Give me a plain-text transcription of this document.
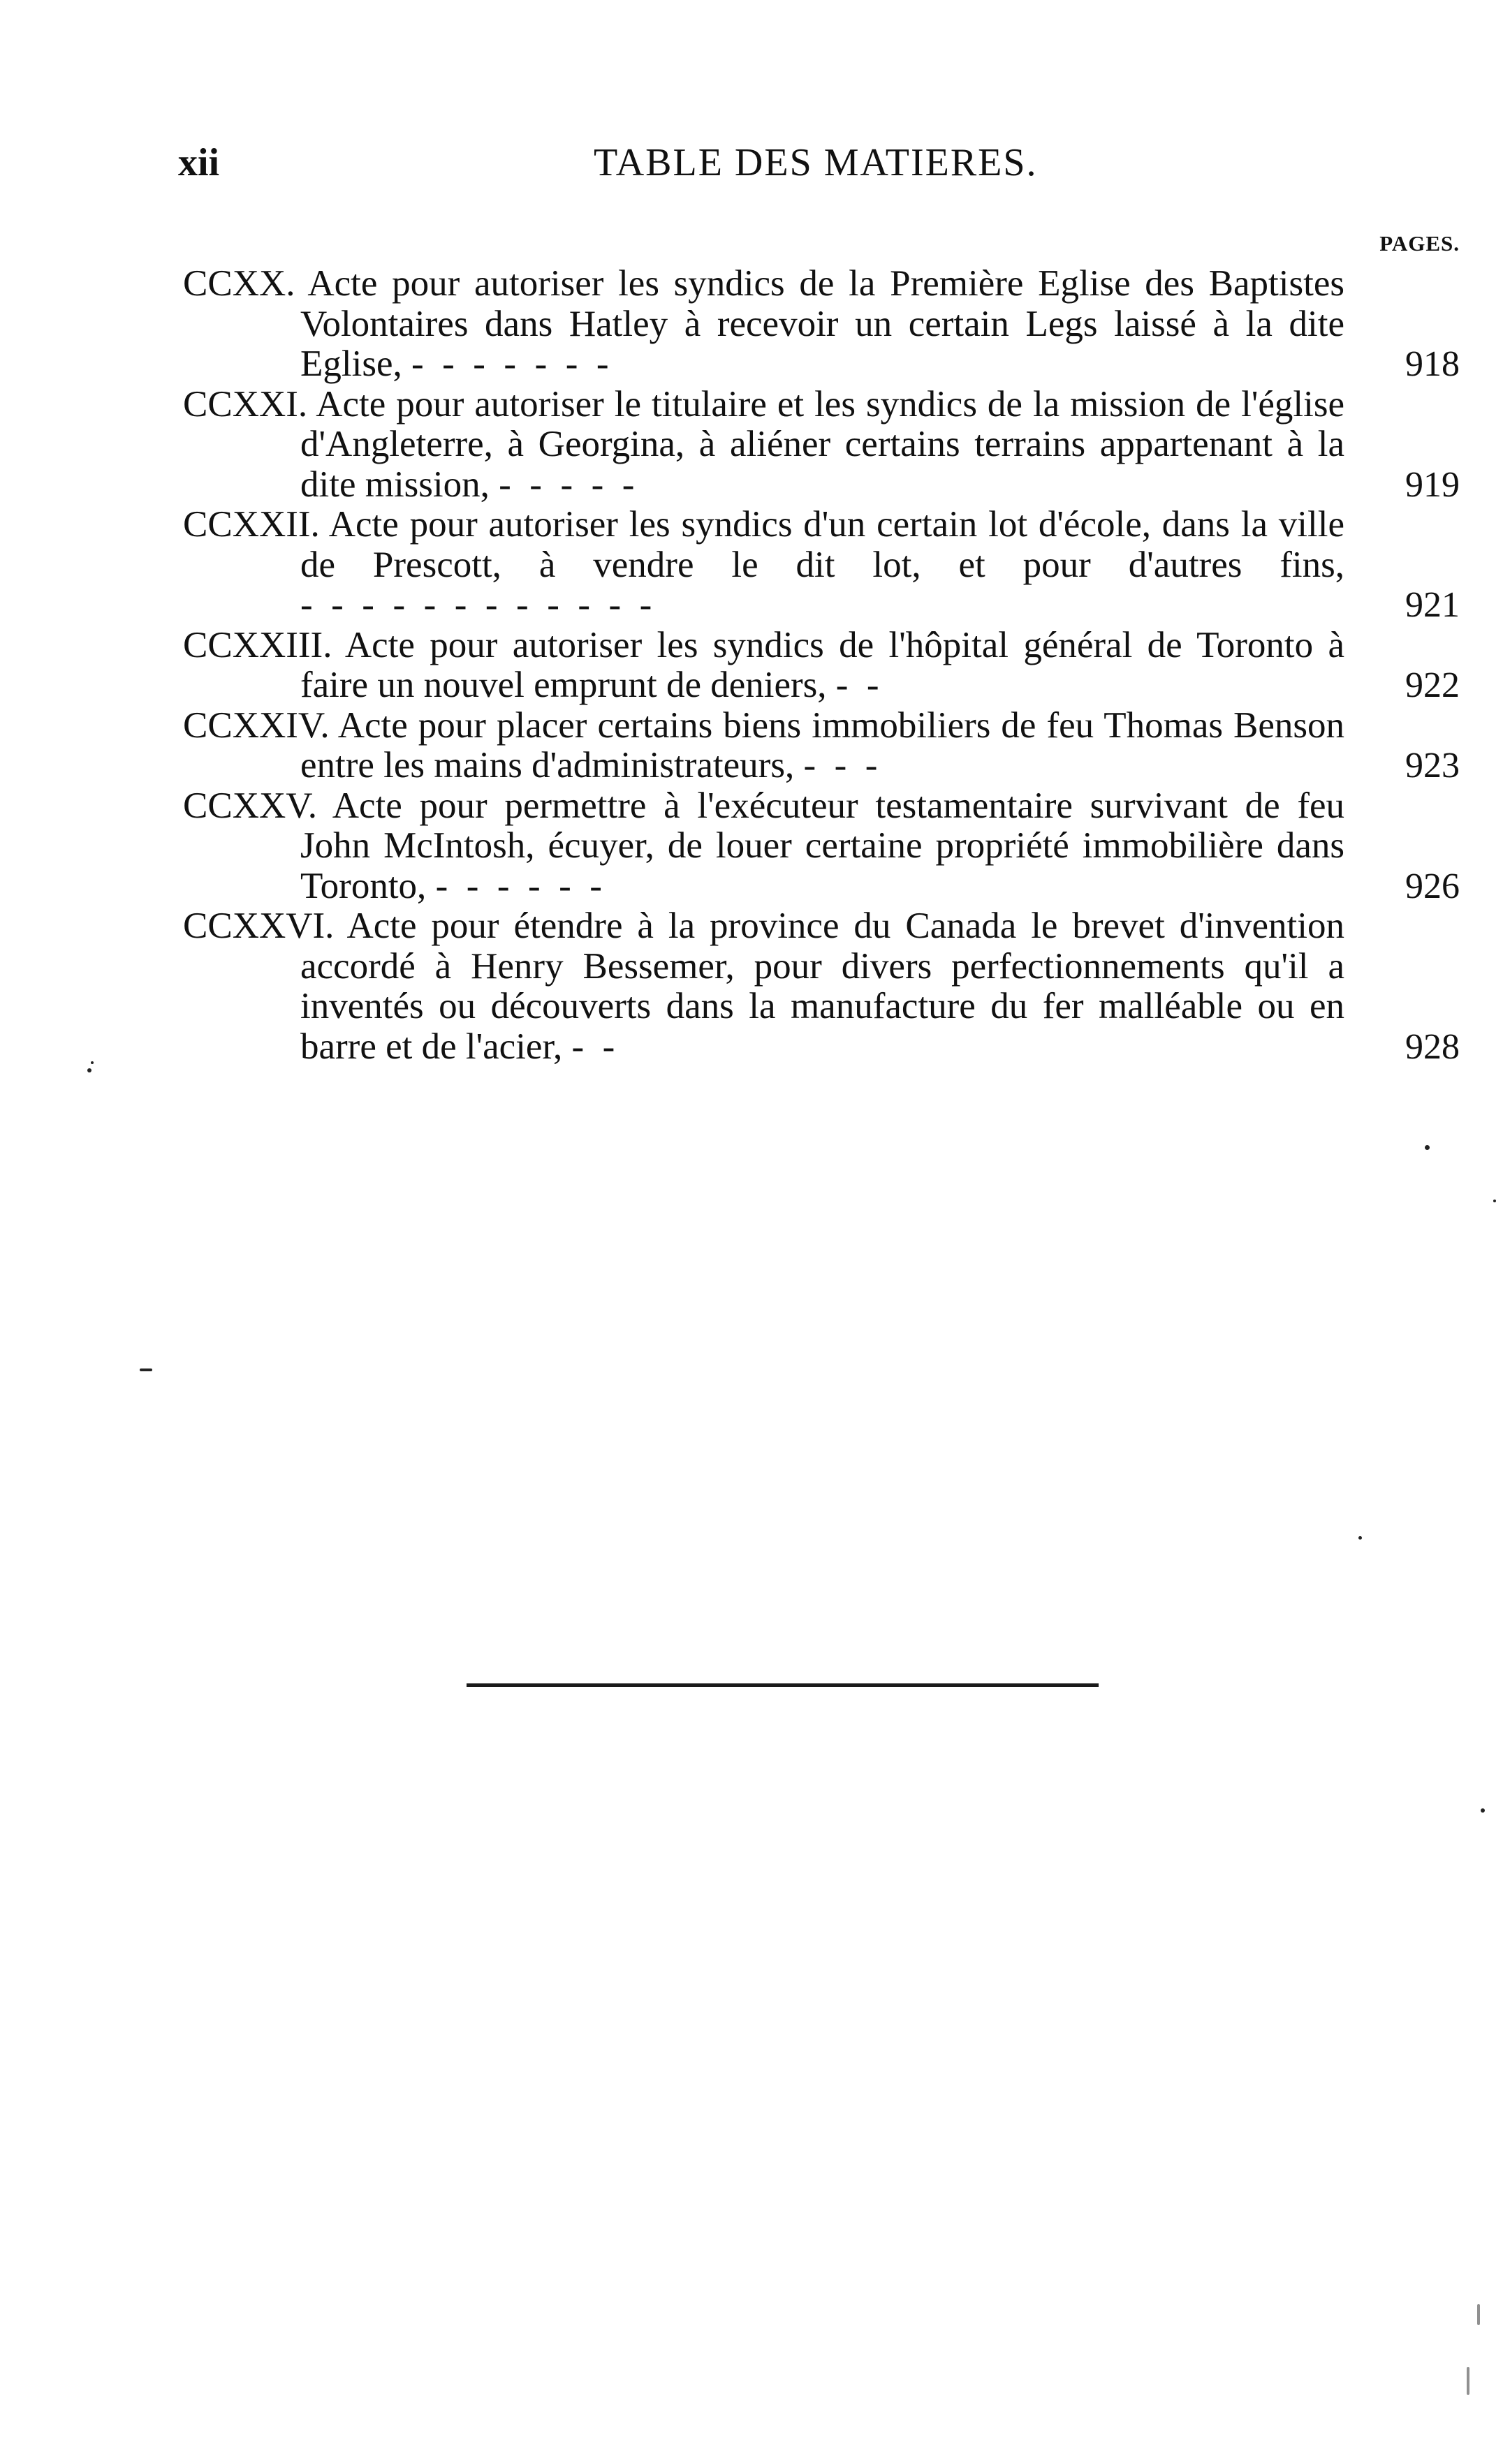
xii	TABLE DES MATIERES.
PAGES.
CCXX. Acte pour autoriser les syndics de la Première Eglise des Baptistes Volontaires dans Hatley à recevoir un certain Legs laissé à la dite Eglise, -  -  -  -  -  -  -	918
CCXXI. Acte pour autoriser le titulaire et les syndics de la mission de l'église d'Angleterre, à Georgina, à aliéner certains terrains appartenant à la dite mission, -  -  -  -  -	919
CCXXII. Acte pour autoriser les syndics d'un certain lot d'école, dans la ville de Prescott, à vendre le dit lot, et pour d'autres fins, -  -  -  -  -  -  -  -  -  -  -  -	921
CCXXIII. Acte pour autoriser les syndics de l'hôpital général de Toronto à faire un nouvel emprunt de deniers, -  -	922
CCXXIV. Acte pour placer certains biens immobiliers de feu Thomas Benson entre les mains d'administrateurs, -  -  -	923
CCXXV. Acte pour permettre à l'exécuteur testamentaire survivant de feu John McIntosh, écuyer, de louer certaine propriété immobilière dans Toronto, -  -  -  -  -  -	926
CCXXVI. Acte pour étendre à la province du Canada le brevet d'invention accordé à Henry Bessemer, pour divers perfectionnements qu'il a inventés ou découverts dans la manufacture du fer malléable ou en barre et de l'acier, -  -	928
